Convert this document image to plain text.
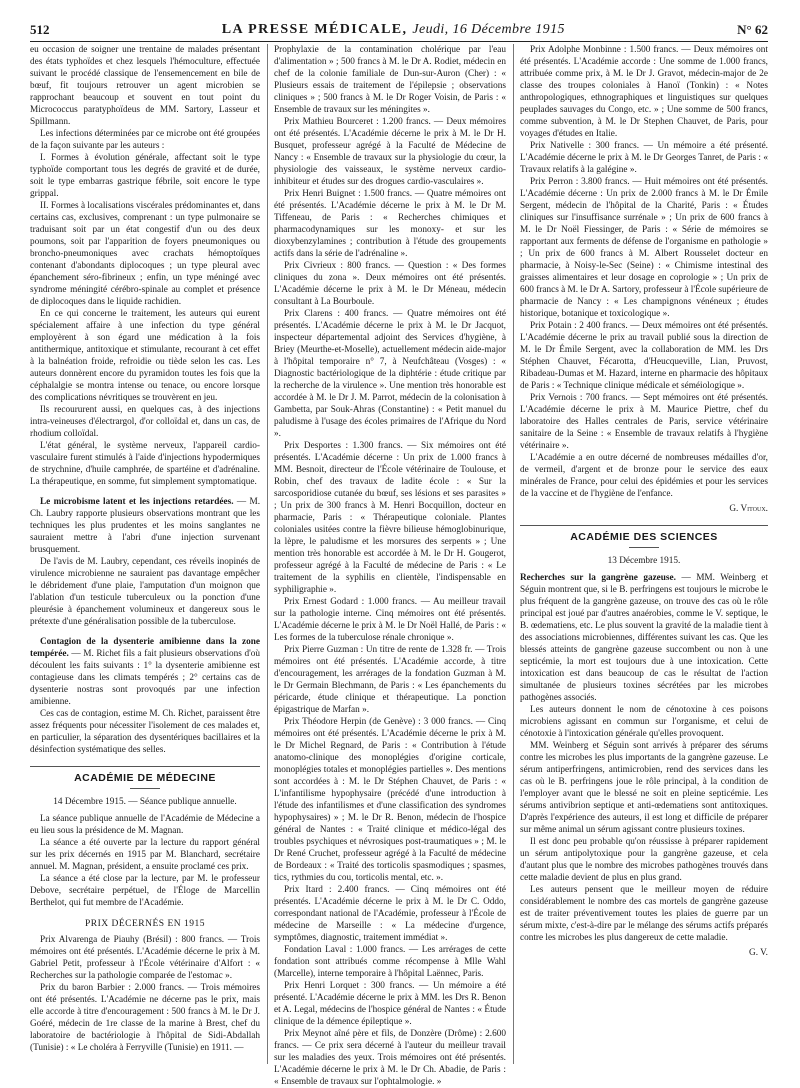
512	LA PRESSE MÉDICALE, Jeudi, 16 Décembre 1915	N° 62

eu occasion de soigner une trentaine de malades présentant des états typhoïdes et chez lesquels l'hémoculture, effectuée suivant le procédé classique de l'ensemencement en bile de bœuf, fit toujours retrouver un agent microbien se rapprochant beaucoup et souvent en tout point du Micrococcus paratyphoïdeus de MM. Sartory, Lasseur et Spillmann.

Les infections déterminées par ce microbe ont été groupées de la façon suivante par les auteurs :

I. Formes à évolution générale, affectant soit le type typhoïde comportant tous les degrés de gravité et de durée, soit le type embarras gastrique fébrile, soit encore le type grippal.

II. Formes à localisations viscérales prédominantes et, dans certains cas, exclusives, comprenant : un type pulmonaire se traduisant soit par un état congestif d'un ou des deux poumons, soit par l'apparition de foyers pneumoniques ou broncho-pneumoniques avec crachats hémoptoïques contenant d'abondants diplocoques ; un type pleural avec épanchement séro-fibrineux ; enfin, un type méningé avec syndrome méningité cérébro-spinale au complet et présence de diplocoques dans le liquide rachidien.

En ce qui concerne le traitement, les auteurs qui eurent spécialement affaire à une infection du type général employèrent à son égard une médication à la fois antithermique, antitoxique et stimulante, recourant à cet effet à la balnéation froide, refroidie ou tiède selon les cas. Les auteurs donnèrent encore du pyramidon toutes les fois que la céphalalgie se montra intense ou tenace, ou encore lorsque des complications névritiques se trouvèrent en jeu.

Ils recoururent aussi, en quelques cas, à des injections intra-veineuses d'électrargol, d'or colloïdal et, dans un cas, de rhodium colloïdal.

L'état général, le système nerveux, l'appareil cardio-vasculaire furent stimulés à l'aide d'injections hypodermiques de strychnine, d'huile camphrée, de spartéine et d'adrénaline. La thérapeutique, en somme, fut simplement symptomatique.

Le microbisme latent et les injections retardées. — M. Ch. Laubry rapporte plusieurs observations montrant que les techniques les plus prudentes et les moins sanglantes ne sauraient mettre à l'abri d'une injection survenant brusquement.

De l'avis de M. Laubry, cependant, ces réveils inopinés de virulence microbienne ne sauraient pas davantage empêcher le débridement d'une plaie, l'amputation d'un moignon que l'ablation d'un testicule tuberculeux ou la ponction d'une pleurésie à épanchement volumineux et dangereux sous le prétexte d'une généralisation possible de la tuberculose.

Contagion de la dysenterie amibienne dans la zone tempérée. — M. Richet fils a fait plusieurs observations d'où découlent les faits suivants : 1° la dysenterie amibienne est contagieuse dans les climats tempérés ; 2° certains cas de dysenterie nostras sont provoqués par une infection amibienne.

Ces cas de contagion, estime M. Ch. Richet, paraissent être assez fréquents pour nécessiter l'isolement de ces malades et, en particulier, la séparation des dysentériques bacillaires et la désinfection systématique des selles.

ACADÉMIE DE MÉDECINE

14 Décembre 1915. — Séance publique annuelle.

La séance publique annuelle de l'Académie de Médecine a eu lieu sous la présidence de M. Magnan.

La séance a été ouverte par la lecture du rapport général sur les prix décernés en 1915 par M. Blanchard, secrétaire annuel. M. Magnan, président, a ensuite proclamé ces prix.

La séance a été close par la lecture, par M. le professeur Debove, secrétaire perpétuel, de l'Éloge de Marcellin Berthelot, qui fut membre de l'Académie.

PRIX DÉCERNÉS EN 1915

Prix Alvarenga de Piauhy (Brésil) : 800 francs. — Trois mémoires ont été présentés. L'Académie décerne le prix à M. Gabriel Petit, professeur à l'École vétérinaire d'Alfort : « Recherches sur la pathologie comparée de l'estomac ».

Prix du baron Barbier : 2.000 francs. — Trois mémoires ont été présentés. L'Académie ne décerne pas le prix, mais elle accorde à titre d'encouragement : 500 francs à M. le Dr J. Goéré, médecin de 1re classe de la marine à Brest, chef du laboratoire de bactériologie à l'hôpital de Sidi-Abdallah (Tunisie) : « Le choléra à Ferryville (Tunisie) en 1911. —

Prophylaxie de la contamination cholérique par l'eau d'alimentation » ; 500 francs à M. le Dr A. Rodiet, médecin en chef de la colonie familiale de Dun-sur-Auron (Cher) : « Plusieurs essais de traitement de l'épilepsie ; observations cliniques » ; 500 francs à M. le Dr Roger Voisin, de Paris : « Ensemble de travaux sur les méningites ».

Prix Mathieu Bourceret : 1.200 francs. — Deux mémoires ont été présentés. L'Académie décerne le prix à M. le Dr H. Busquet, professeur agrégé à la Faculté de Médecine de Nancy : « Ensemble de travaux sur la physiologie du cœur, la physiologie des vaisseaux, le système nerveux cardio-inhibiteur et études sur des drogues cardio-vasculaires ».

Prix Henri Buignet : 1.500 francs. — Quatre mémoires ont été présentés. L'Académie décerne le prix à M. le Dr M. Tiffeneau, de Paris : « Recherches chimiques et pharmacodynamiques sur les monoxy- et sur les dioxybenzylamines ; contribution à l'étude des groupements actifs dans la série de l'adrénaline ».

Prix Civrieux : 800 francs. — Question : « Des formes cliniques du zona ». Deux mémoires ont été présentés. L'Académie décerne le prix à M. le Dr Méneau, médecin consultant à La Bourboule.

Prix Clarens : 400 francs. — Quatre mémoires ont été présentés. L'Académie décerne le prix à M. le Dr Jacquot, inspecteur départemental adjoint des Services d'hygiène, à Briey (Meurthe-et-Moselle), actuellement médecin aide-major à l'hôpital temporaire n° 7, à Neufchâteau (Vosges) : « Diagnostic bactériologique de la diphtérie : étude critique par la recherche de la virulence ». Une mention très honorable est accordée à M. le Dr J. M. Parrot, médecin de la colonisation à Gambetta, par Souk-Ahras (Constantine) : « Petit manuel du paludisme à l'usage des écoles primaires de l'Afrique du Nord ».

Prix Desportes : 1.300 francs. — Six mémoires ont été présentés. L'Académie décerne : Un prix de 1.000 francs à MM. Besnoit, directeur de l'École vétérinaire de Toulouse, et Robin, chef des travaux de ladite école : « Sur la sarcosporidiose cutanée du bœuf, ses lésions et ses parasites » ; Un prix de 300 francs à M. Henri Bocquillon, docteur en pharmacie, Paris : « Thérapeutique coloniale. Plantes coloniales usitées contre la fièvre bilieuse hémoglobinurique, la lèpre, le paludisme et les morsures des serpents » ; Une mention très honorable est accordée à M. le Dr H. Gougerot, professeur agrégé à la Faculté de médecine de Paris : « Le traitement de la syphilis en clientèle, l'indispensable en syphiligraphie ».

Prix Ernest Godard : 1.000 francs. — Au meilleur travail sur la pathologie interne. Cinq mémoires ont été présentés. L'Académie décerne le prix à M. le Dr Noël Hallé, de Paris : « Les formes de la tuberculose rénale chronique ».

Prix Pierre Guzman : Un titre de rente de 1.328 fr. — Trois mémoires ont été présentés. L'Académie accorde, à titre d'encouragement, les arrérages de la fondation Guzman à M. le Dr Germain Blechmann, de Paris : « Les épanchements du péricarde, étude clinique et thérapeutique. La ponction épigastrique de Marfan ».

Prix Théodore Herpin (de Genève) : 3 000 francs. — Cinq mémoires ont été présentés. L'Académie décerne le prix à M. le Dr Michel Regnard, de Paris : « Contribution à l'étude anatomo-clinique des monoplégies d'origine corticale, monoplégies totales et monoplégies partielles ». Des mentions sont accordées à : M. le Dr Stéphen Chauvet, de Paris : « L'infantilisme hypophysaire (précédé d'une introduction à l'étude des infantilismes et d'une classification des syndromes hypophysaires) » ; M. le Dr R. Benon, médecin de l'hospice général de Nantes : « Traité clinique et médico-légal des troubles psychiques et névrosiques post-traumatiques » ; M. le Dr René Cruchet, professeur agrégé à la Faculté de médecine de Bordeaux : « Traité des torticolis spasmodiques ; spasmes, tics, rythmies du cou, torticolis mental, etc. ».

Prix Itard : 2.400 francs. — Cinq mémoires ont été présentés. L'Académie décerne le prix à M. le Dr C. Oddo, correspondant national de l'Académie, professeur à l'École de médecine de Marseille : « La médecine d'urgence, symptômes, diagnostic, traitement immédiat ».

Fondation Laval : 1.000 francs. — Les arrérages de cette fondation sont attribués comme récompense à Mlle Wahl (Marcelle), interne temporaire à l'hôpital Laënnec, Paris.

Prix Henri Lorquet : 300 francs. — Un mémoire a été présenté. L'Académie décerne le prix à MM. les Drs R. Benon et A. Legal, médecins de l'hospice général de Nantes : « Étude clinique de la démence épileptique ».

Prix Meynot aîné père et fils, de Donzère (Drôme) : 2.600 francs. — Ce prix sera décerné à l'auteur du meilleur travail sur les maladies des yeux. Trois mémoires ont été présentés. L'Académie décerne le prix à M. le Dr Ch. Abadie, de Paris : « Ensemble de travaux sur l'ophtalmologie. »

Prix Adolphe Monbinne : 1.500 francs. — Deux mémoires ont été présentés. L'Académie accorde : Une somme de 1.000 francs, attribuée comme prix, à M. le Dr J. Gravot, médecin-major de 2e classe des troupes coloniales à Hanoï (Tonkin) : « Notes anthropologiques, ethnographiques et linguistiques sur quelques peuplades sauvages du Congo, etc. » ; Une somme de 500 francs, comme subvention, à M. le Dr Stephen Chauvet, de Paris, pour voyages d'études en Italie.

Prix Nativelle : 300 francs. — Un mémoire a été présenté. L'Académie décerne le prix à M. le Dr Georges Tanret, de Paris : « Travaux relatifs à la galégine ».

Prix Perron : 3.800 francs. — Huit mémoires ont été présentés. L'Académie décerne : Un prix de 2.000 francs à M. le Dr Émile Sergent, médecin de l'hôpital de la Charité, Paris : « Études cliniques sur l'insuffisance surrénale » ; Un prix de 600 francs à M. le Dr Noël Fiessinger, de Paris : « Série de mémoires se rapportant aux ferments de défense de l'organisme en pathologie » ; Un prix de 600 francs à M. Albert Rousselet docteur en pharmacie, à Noisy-le-Sec (Seine) : « Chimisme intestinal des graisses alimentaires et leur dosage en coprologie » ; Un prix de 600 francs à M. le Dr A. Sartory, professeur à l'École supérieure de pharmacie de Nancy : « Les champignons vénéneux ; études historique, botanique et toxicologique ».

Prix Potain : 2 400 francs. — Deux mémoires ont été présentés. L'Académie décerne le prix au travail publié sous la direction de M. le Dr Émile Sergent, avec la collaboration de MM. les Drs Stéphen Chauvet, Fécarotta, d'Heucqueville, Lian, Pruvost, Ribadeau-Dumas et M. Hazard, interne en pharmacie des hôpitaux de Paris : « Technique clinique médicale et séméiologique ».

Prix Vernois : 700 francs. — Sept mémoires ont été présentés. L'Académie décerne le prix à M. Maurice Piettre, chef du laboratoire des Halles centrales de Paris, service vétérinaire sanitaire de la Seine : « Ensemble de travaux relatifs à l'hygiène vétérinaire ».

L'Académie a en outre décerné de nombreuses médailles d'or, de vermeil, d'argent et de bronze pour le service des eaux minérales de France, pour celui des épidémies et pour les services de la vaccine et de l'hygiène de l'enfance.

G. Vitoux.

ACADÉMIE DES SCIENCES

13 Décembre 1915.

Recherches sur la gangrène gazeuse. — MM. Weinberg et Séguin montrent que, si le B. perfringens est toujours le microbe le plus fréquent de la gangrène gazeuse, on trouve des cas où le rôle principal est joué par d'autres anaérobies, comme le V. septique, le B. œdematiens, etc. Le plus souvent la gravité de la maladie tient à des associations microbiennes, différentes suivant les cas. Que les blessés atteints de gangrène gazeuse succombent ou non à une septicémie, la mort est toujours due à une intoxication. Cette intoxication est dans beaucoup de cas le résultat de l'action simultanée de plusieurs toxines sécrétées par les microbes pathogènes associés.

Les auteurs donnent le nom de cénotoxine à ces poisons microbiens agissant en commun sur l'organisme, et celui de cénotoxie à l'intoxication générale qu'elles provoquent.

MM. Weinberg et Séguin sont arrivés à préparer des sérums contre les microbes les plus importants de la gangrène gazeuse. Le sérum antiperfringens, antimicrobien, rend des services dans les cas où le B. perfringens joue le rôle principal, à la condition de l'employer avant que le blessé ne soit en pleine septicémie. Les sérums antivibrion septique et anti-œdematiens sont antitoxiques. D'après l'expérience des auteurs, il est long et difficile de préparer sur même animal un sérum agissant contre plusieurs toxines.

Il est donc peu probable qu'on réussisse à préparer rapidement un sérum antipolytoxique pour la gangrène gazeuse, et cela d'autant plus que le nombre des microbes pathogènes trouvés dans cette maladie devient de plus en plus grand.

Les auteurs pensent que le meilleur moyen de réduire considérablement le nombre des cas mortels de gangrène gazeuse est de traiter préventivement toutes les plaies de guerre par un sérum mixte, c'est-à-dire par le mélange des sérums actifs préparés contre les microbes les plus dangereux de cette maladie.

G. V.
